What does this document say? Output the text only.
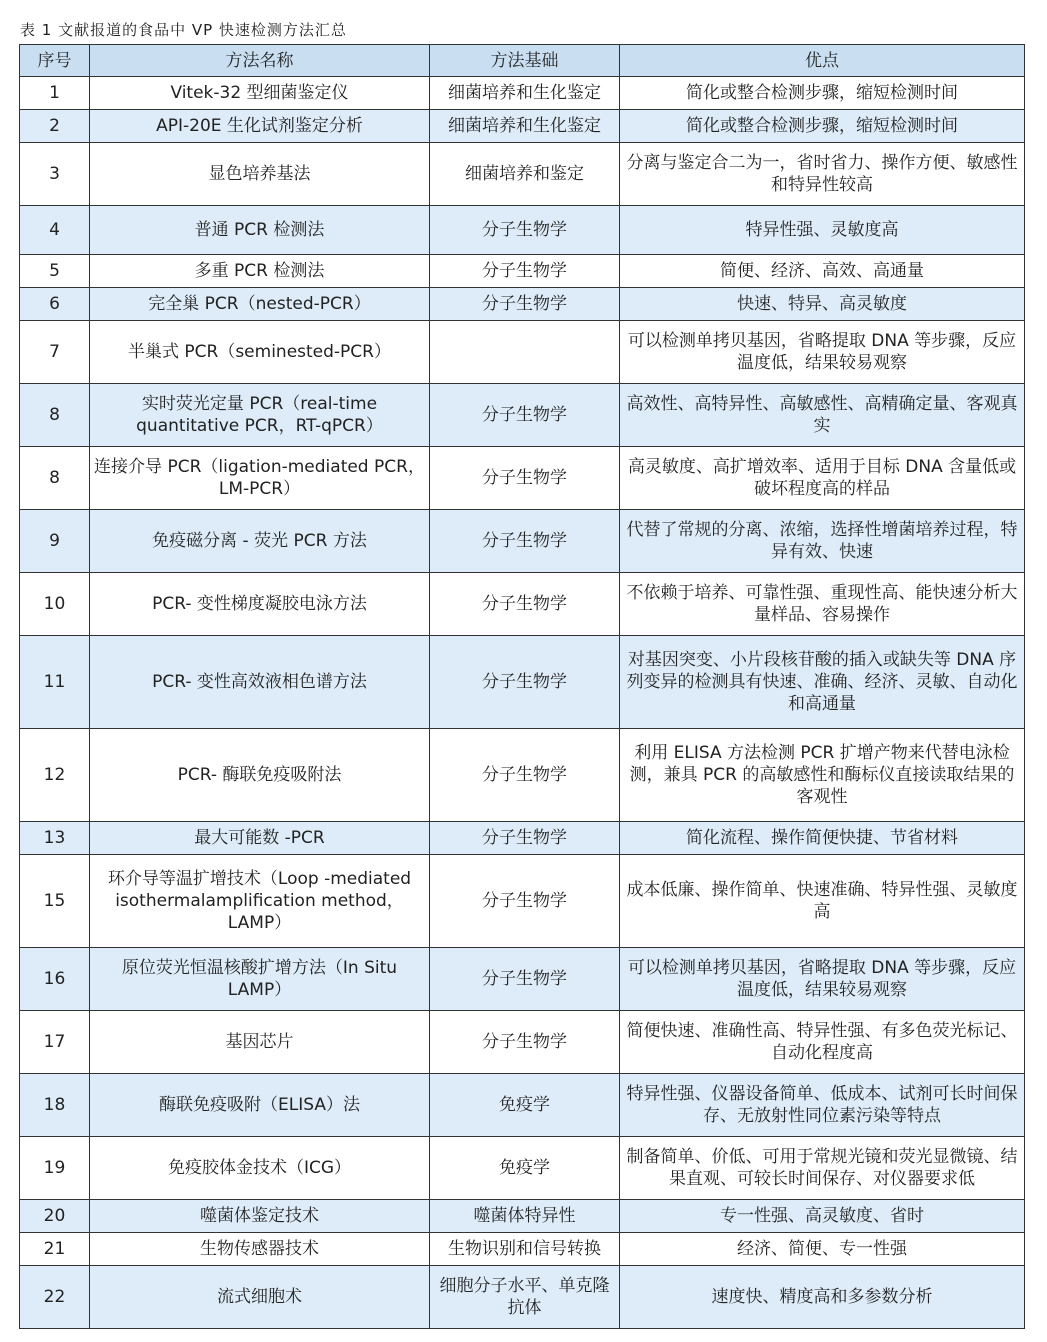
表 1 文献报道的食品中 VP 快速检测方法汇总
序号	方法名称	方法基础	优点
1	Vitek-32 型细菌鉴定仪	细菌培养和生化鉴定	简化或整合检测步骤，缩短检测时间
2	API-20E 生化试剂鉴定分析	细菌培养和生化鉴定	简化或整合检测步骤，缩短检测时间
3	显色培养基法	细菌培养和鉴定	分离与鉴定合二为一，省时省力、操作方便、敏感性和特异性较高
4	普通 PCR 检测法	分子生物学	特异性强、灵敏度高
5	多重 PCR 检测法	分子生物学	简便、经济、高效、高通量
6	完全巢 PCR（nested-PCR）	分子生物学	快速、特异、高灵敏度
7	半巢式 PCR（seminested-PCR）		可以检测单拷贝基因，省略提取 DNA 等步骤，反应温度低，结果较易观察
8	实时荧光定量 PCR（real-time quantitative PCR，RT-qPCR）	分子生物学	高效性、高特异性、高敏感性、高精确定量、客观真实
8	连接介导 PCR（ligation-mediated PCR，LM-PCR）	分子生物学	高灵敏度、高扩增效率、适用于目标 DNA 含量低或破坏程度高的样品
9	免疫磁分离 - 荧光 PCR 方法	分子生物学	代替了常规的分离、浓缩，选择性增菌培养过程，特异有效、快速
10	PCR- 变性梯度凝胶电泳方法	分子生物学	不依赖于培养、可靠性强、重现性高、能快速分析大量样品、容易操作
11	PCR- 变性高效液相色谱方法	分子生物学	对基因突变、小片段核苷酸的插入或缺失等 DNA 序列变异的检测具有快速、准确、经济、灵敏、自动化和高通量
12	PCR- 酶联免疫吸附法	分子生物学	利用 ELISA 方法检测 PCR 扩增产物来代替电泳检测，兼具 PCR 的高敏感性和酶标仪直接读取结果的客观性
13	最大可能数 -PCR	分子生物学	简化流程、操作简便快捷、节省材料
15	环介导等温扩增技术（Loop -mediated isothermalamplification method，LAMP）	分子生物学	成本低廉、操作简单、快速准确、特异性强、灵敏度高
16	原位荧光恒温核酸扩增方法（In Situ LAMP）	分子生物学	可以检测单拷贝基因，省略提取 DNA 等步骤，反应温度低，结果较易观察
17	基因芯片	分子生物学	简便快速、准确性高、特异性强、有多色荧光标记、自动化程度高
18	酶联免疫吸附（ELISA）法	免疫学	特异性强、仪器设备简单、低成本、试剂可长时间保存、无放射性同位素污染等特点
19	免疫胶体金技术（ICG）	免疫学	制备简单、价低、可用于常规光镜和荧光显微镜、结果直观、可较长时间保存、对仪器要求低
20	噬菌体鉴定技术	噬菌体特异性	专一性强、高灵敏度、省时
21	生物传感器技术	生物识别和信号转换	经济、简便、专一性强
22	流式细胞术	细胞分子水平、单克隆抗体	速度快、精度高和多参数分析
